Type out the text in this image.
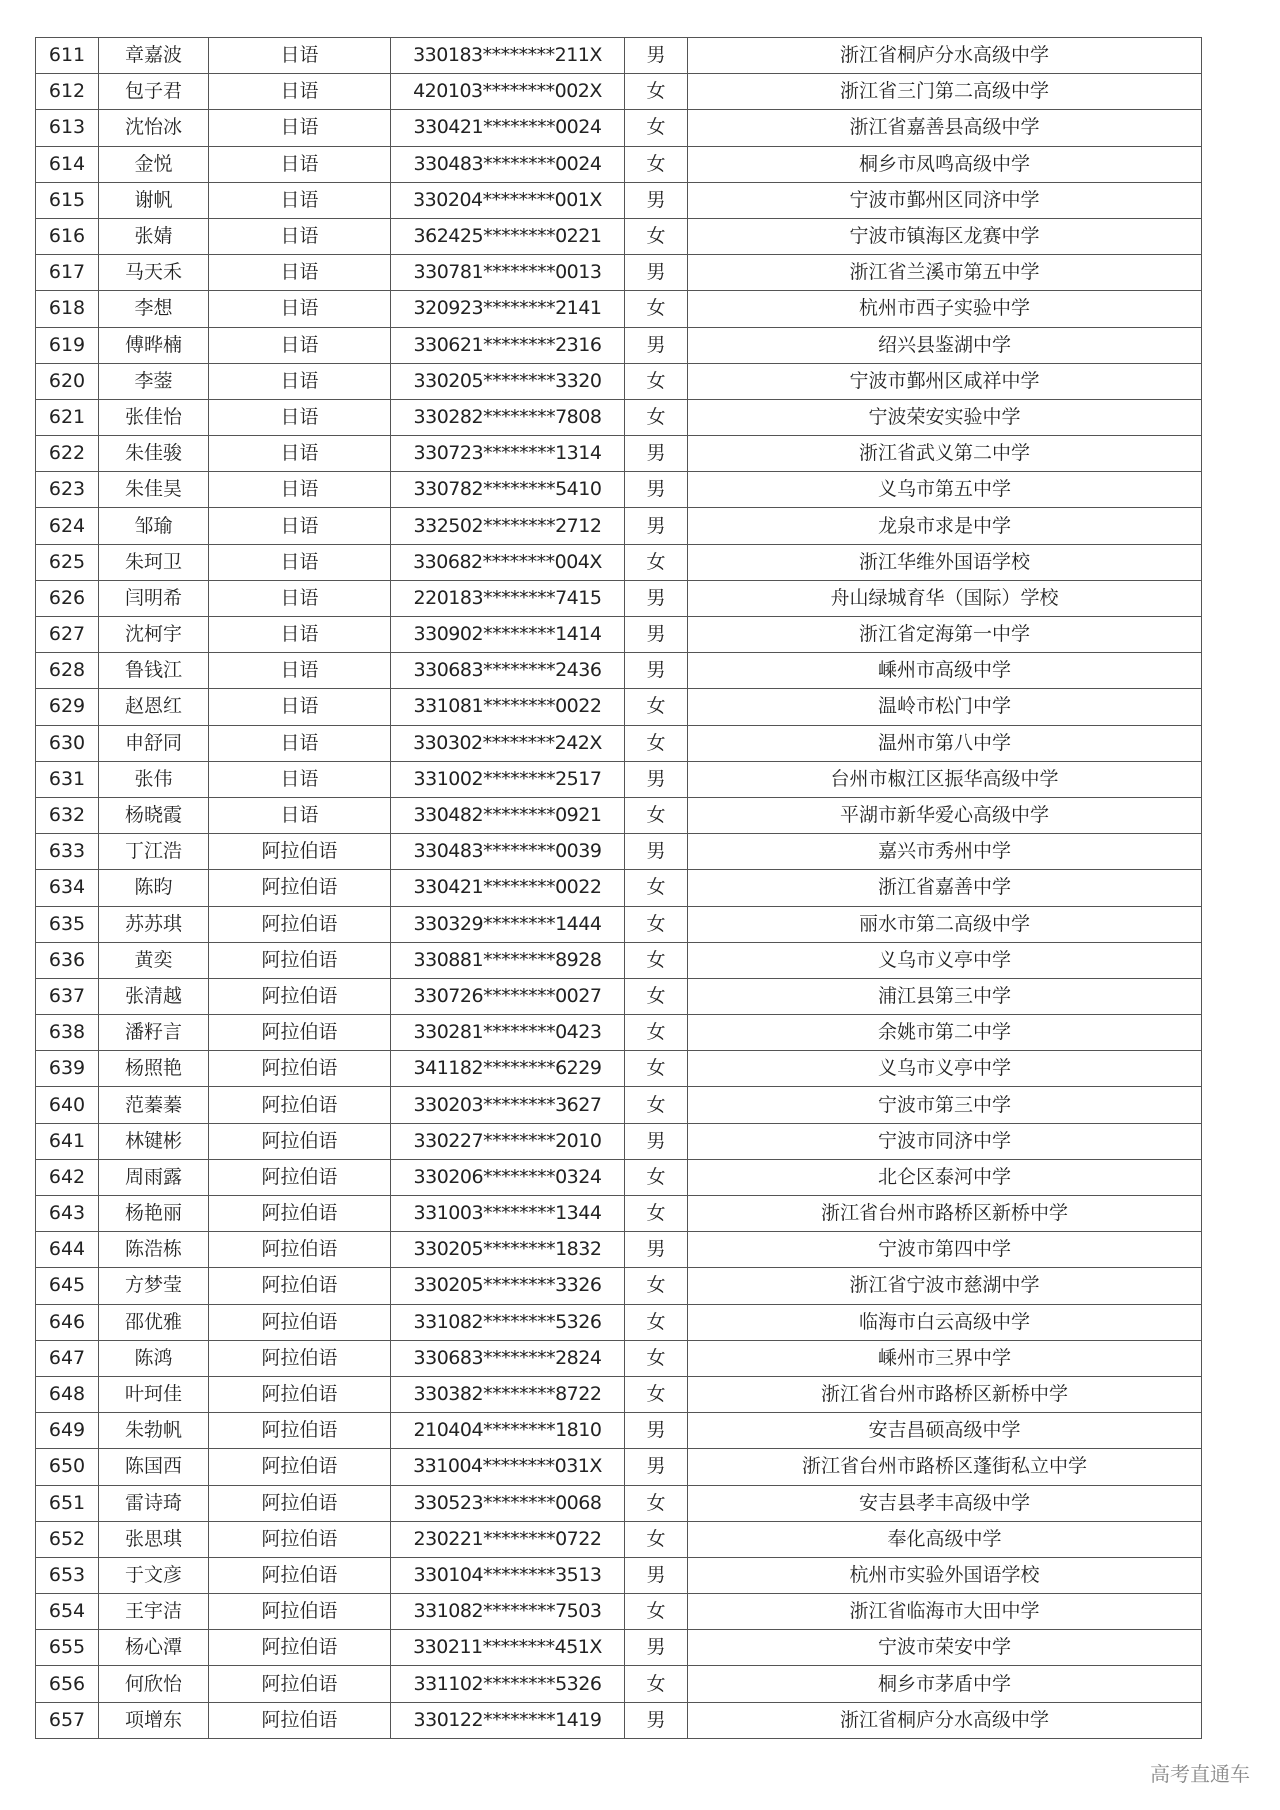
611	章嘉波	日语	330183********211X	男	浙江省桐庐分水高级中学
612	包子君	日语	420103********002X	女	浙江省三门第二高级中学
613	沈怡冰	日语	330421********0024	女	浙江省嘉善县高级中学
614	金悦	日语	330483********0024	女	桐乡市凤鸣高级中学
615	谢帆	日语	330204********001X	男	宁波市鄞州区同济中学
616	张婧	日语	362425********0221	女	宁波市镇海区龙赛中学
617	马天禾	日语	330781********0013	男	浙江省兰溪市第五中学
618	李想	日语	320923********2141	女	杭州市西子实验中学
619	傅晔楠	日语	330621********2316	男	绍兴县鉴湖中学
620	李蓥	日语	330205********3320	女	宁波市鄞州区咸祥中学
621	张佳怡	日语	330282********7808	女	宁波荣安实验中学
622	朱佳骏	日语	330723********1314	男	浙江省武义第二中学
623	朱佳昊	日语	330782********5410	男	义乌市第五中学
624	邹瑜	日语	332502********2712	男	龙泉市求是中学
625	朱珂卫	日语	330682********004X	女	浙江华维外国语学校
626	闫明希	日语	220183********7415	男	舟山绿城育华（国际）学校
627	沈柯宇	日语	330902********1414	男	浙江省定海第一中学
628	鲁钱江	日语	330683********2436	男	嵊州市高级中学
629	赵恩红	日语	331081********0022	女	温岭市松门中学
630	申舒同	日语	330302********242X	女	温州市第八中学
631	张伟	日语	331002********2517	男	台州市椒江区振华高级中学
632	杨晓霞	日语	330482********0921	女	平湖市新华爱心高级中学
633	丁江浩	阿拉伯语	330483********0039	男	嘉兴市秀州中学
634	陈昀	阿拉伯语	330421********0022	女	浙江省嘉善中学
635	苏苏琪	阿拉伯语	330329********1444	女	丽水市第二高级中学
636	黄奕	阿拉伯语	330881********8928	女	义乌市义亭中学
637	张清越	阿拉伯语	330726********0027	女	浦江县第三中学
638	潘籽言	阿拉伯语	330281********0423	女	余姚市第二中学
639	杨照艳	阿拉伯语	341182********6229	女	义乌市义亭中学
640	范蓁蓁	阿拉伯语	330203********3627	女	宁波市第三中学
641	林键彬	阿拉伯语	330227********2010	男	宁波市同济中学
642	周雨露	阿拉伯语	330206********0324	女	北仑区泰河中学
643	杨艳丽	阿拉伯语	331003********1344	女	浙江省台州市路桥区新桥中学
644	陈浩栋	阿拉伯语	330205********1832	男	宁波市第四中学
645	方梦莹	阿拉伯语	330205********3326	女	浙江省宁波市慈湖中学
646	邵优雅	阿拉伯语	331082********5326	女	临海市白云高级中学
647	陈鸿	阿拉伯语	330683********2824	女	嵊州市三界中学
648	叶珂佳	阿拉伯语	330382********8722	女	浙江省台州市路桥区新桥中学
649	朱勃帆	阿拉伯语	210404********1810	男	安吉昌硕高级中学
650	陈国西	阿拉伯语	331004********031X	男	浙江省台州市路桥区蓬街私立中学
651	雷诗琦	阿拉伯语	330523********0068	女	安吉县孝丰高级中学
652	张思琪	阿拉伯语	230221********0722	女	奉化高级中学
653	于文彦	阿拉伯语	330104********3513	男	杭州市实验外国语学校
654	王宇洁	阿拉伯语	331082********7503	女	浙江省临海市大田中学
655	杨心潭	阿拉伯语	330211********451X	男	宁波市荣安中学
656	何欣怡	阿拉伯语	331102********5326	女	桐乡市茅盾中学
657	项增东	阿拉伯语	330122********1419	男	浙江省桐庐分水高级中学
高考直通车
